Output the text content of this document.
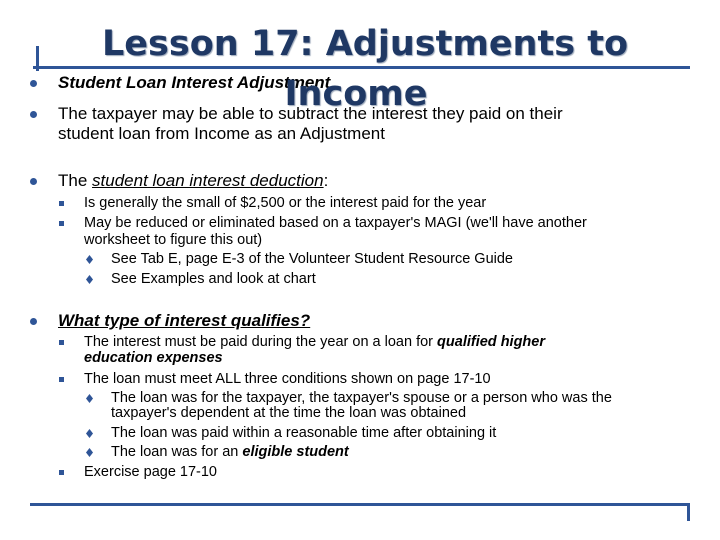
Student Loan Interest Adjustment
The taxpayer may be able to subtract the interest they paid on their
student loan from Income as an Adjustment
The student loan interest deduction:
Is generally the small of $2,500 or the interest paid for the year
May be reduced or eliminated based on a taxpayer's MAGI (we'll have another
worksheet to figure this out)
See Tab E, page E-3 of the Volunteer Student Resource Guide
See Examples and look at chart
What type of interest qualifies?
The interest must be paid during the year on a loan for qualified higher
education expenses
The loan must meet ALL three conditions shown on page 17-10
The loan was for the taxpayer, the taxpayer's spouse or a person who was the
taxpayer's dependent at the time the loan was obtained
The loan was paid within a reasonable time after obtaining it
The loan was for an eligible student
Exercise page 17-10
Lesson 17: Adjustments to
Income
